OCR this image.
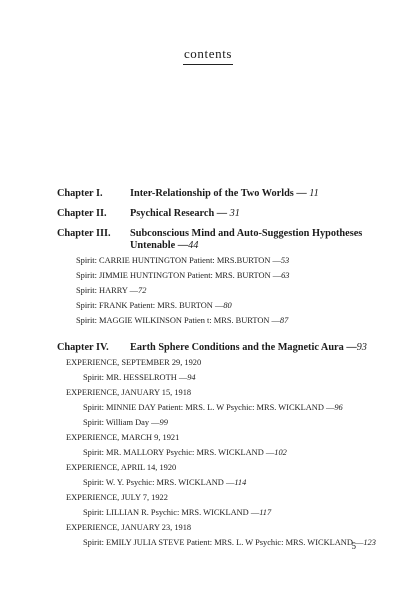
contents
Chapter I.	Inter-Relationship of the Two Worlds — 11
Chapter II. Psychical Research — 31
Chapter III. Subconscious Mind and Auto-Suggestion Hypotheses
Untenable —44
Spirit: CARRIE HUNTINGTON Patient: MRS.BURTON —53
Spirit: JIMMIE HUNTINGTON Patient: MRS. BURTON —63
Spirit: HARRY —72
Spirit: FRANK Patient: MRS. BURTON —80
Spirit: MAGGIE WILKINSON Patien t: MRS. BURTON —87
Chapter IV. Earth Sphere Conditions and the Magnetic Aura —93
EXPERIENCE, SEPTEMBER 29, 1920
Spirit: MR. HESSELROTH —94
EXPERIENCE, JANUARY 15, 1918
Spirit: MINNIE DAY Patient: MRS. L. W Psychic: MRS. WICKLAND —96
Spirit: William Day —99
EXPERIENCE, MARCH 9, 1921
Spirit: MR. MALLORY Psychic: MRS. WICKLAND —102
EXPERIENCE, APRIL 14, 1920
Spirit: W. Y. Psychic: MRS. WICKLAND —114
EXPERIENCE, JULY 7, 1922
Spirit: LILLIAN R. Psychic: MRS. WICKLAND —117
EXPERIENCE, JANUARY 23, 1918
Spirit: EMILY JULIA STEVE Patient: MRS. L. W Psychic: MRS. WICKLAND —123
5
